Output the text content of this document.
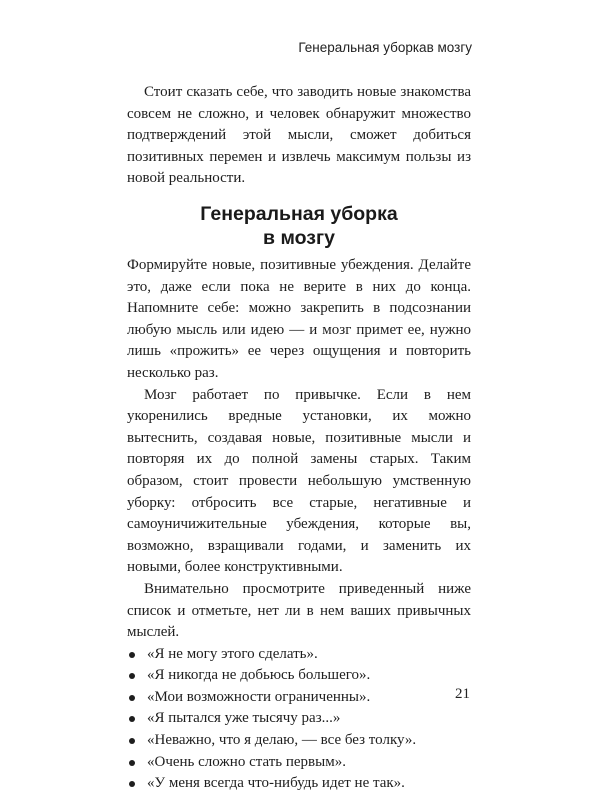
Генеральная уборкав мозгу
Стоит сказать себе, что заводить новые знакомства совсем не сложно, и человек обнаружит множество подтверждений этой мысли, сможет добиться позитивных перемен и извлечь максимум пользы из новой реальности.
Генеральная уборка
в мозгу

Формируйте новые, позитивные убеждения. Делайте это, даже если пока не верите в них до конца. Напомните себе: можно закрепить в подсознании любую мысль или идею — и мозг примет ее, нужно лишь «прожить» ее через ощущения и повторить несколько раз.

Мозг работает по привычке. Если в нем укоренились вредные установки, их можно вытеснить, создавая новые, позитивные мысли и повторяя их до полной замены старых. Таким образом, стоит провести небольшую умственную уборку: отбросить все старые, негативные и самоуничижительные убеждения, которые вы, возможно, взращивали годами, и заменить их новыми, более конструктивными.

Внимательно просмотрите приведенный ниже список и отметьте, нет ли в нем ваших привычных мыслей.

«Я не могу этого сделать».
«Я никогда не добьюсь большего».
«Мои возможности ограниченны».
«Я пытался уже тысячу раз...»
«Неважно, что я делаю, — все без толку».
«Очень сложно стать первым».
«У меня всегда что-нибудь идет не так».
21
